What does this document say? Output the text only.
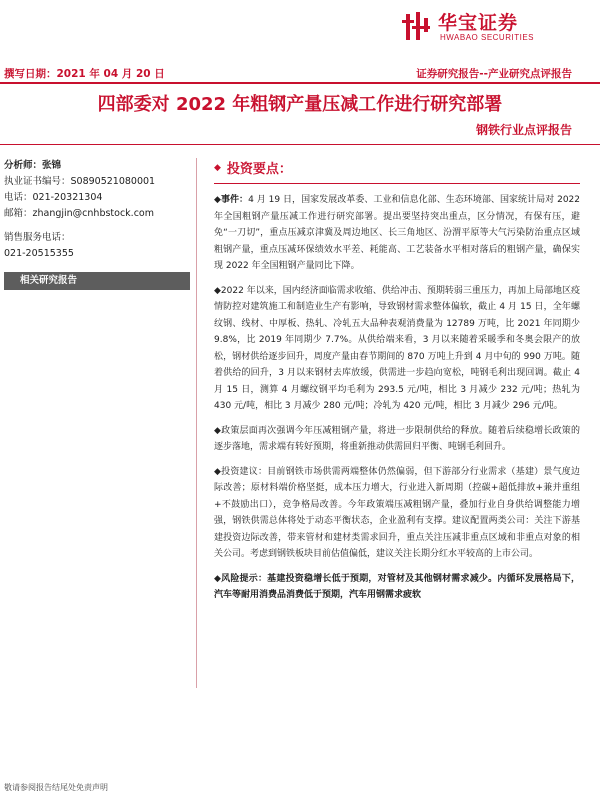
华宝证券
HWABAO SECURITIES
撰写日期：2021 年 04 月 20 日	证券研究报告--产业研究点评报告
四部委对 2022 年粗钢产量压减工作进行研究部署
钢铁行业点评报告
分析师：张锦
执业证书编号：S0890521080001
电话：021-20321304
邮箱：zhangjin@cnhbstock.com
销售服务电话：
021-20515355
相关研究报告
◆ 投资要点：

◆事件：4 月 19 日，国家发展改革委、工业和信息化部、生态环境部、国家统计局对 2022 年全国粗钢产量压减工作进行研究部署。提出要坚持突出重点，区分情况，有保有压，避免“一刀切”，重点压减京津冀及周边地区、长三角地区、汾渭平原等大气污染防治重点区域粗钢产量，重点压减环保绩效水平差、耗能高、工艺装备水平相对落后的粗钢产量，确保实现 2022 年全国粗钢产量同比下降。

◆2022 年以来，国内经济面临需求收缩、供给冲击、预期转弱三重压力，再加上局部地区疫情防控对建筑施工和制造业生产有影响，导致钢材需求整体偏软，截止 4 月 15 日，全年螺纹钢、线材、中厚板、热轧、冷轧五大品种表观消费量为 12789 万吨，比 2021 年同期少 9.8%，比 2019 年同期少 7.7%。从供给端来看，3 月以来随着采暖季和冬奥会限产的放松，钢材供给逐步回升，周度产量由春节期间的 870 万吨上升到 4 月中旬的 990 万吨。随着供给的回升，3 月以来钢材去库放缓，供需进一步趋向宽松，吨钢毛利出现回调。截止 4 月 15 日，测算 4 月螺纹钢平均毛利为 293.5 元/吨，相比 3 月减少 232 元/吨；热轧为 430 元/吨，相比 3 月减少 280 元/吨；冷轧为 420 元/吨，相比 3 月减少 296 元/吨。

◆政策层面再次强调今年压减粗钢产量，将进一步限制供给的释放。随着后续稳增长政策的逐步落地，需求端有转好预期，将重新推动供需回归平衡、吨钢毛利回升。

◆投资建议：目前钢铁市场供需两端整体仍然偏弱，但下游部分行业需求（基建）景气度边际改善；原材料端价格坚挺，成本压力增大，行业进入新周期（控碳+超低排放+兼并重组+不鼓励出口），竞争格局改善。今年政策端压减粗钢产量，叠加行业自身供给调整能力增强，钢铁供需总体将处于动态平衡状态，企业盈利有支撑。建议配置两类公司：关注下游基建投资边际改善，带来管材和建材类需求回升，重点关注压减非重点区域和非重点对象的相关公司。考虑到钢铁板块目前估值偏低，建议关注长期分红水平较高的上市公司。

◆风险提示：基建投资稳增长低于预期，对管材及其他钢材需求减少。内循环发展格局下，汽车等耐用消费品消费低于预期，汽车用钢需求疲软

敬请参阅报告结尾处免责声明
